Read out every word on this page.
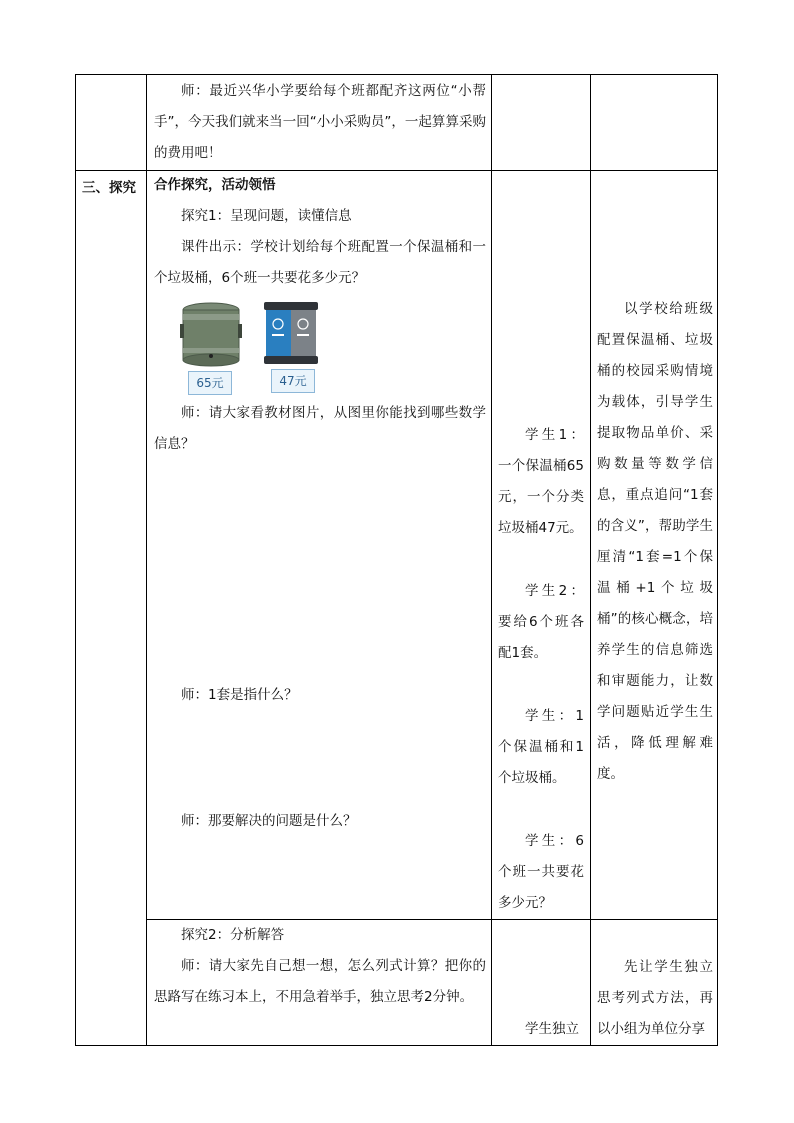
师：最近兴华小学要给每个班都配齐这两位“小帮手”，今天我们就来当一回“小小采购员”，一起算算采购的费用吧！

三、探究 合作探究，活动领悟

探究1：呈现问题，读懂信息

课件出示：学校计划给每个班配置一个保温桶和一个垃圾桶，6个班一共要花多少元？

65元	47元

师：请大家看教材图片，从图里你能找到哪些数学信息？

师：1套是指什么？

师：那要解决的问题是什么？

学生1：一个保温桶65元，一个分类垃圾桶47元。

学生2：要给6个班各配1套。

学生：1个保温桶和1个垃圾桶。

学生：6个班一共要花多少元？

以学校给班级配置保温桶、垃圾桶的校园采购情境为载体，引导学生提取物品单价、采购数量等数学信息，重点追问“1套的含义”，帮助学生厘清“1套=1个保温桶+1个垃圾桶”的核心概念，培养学生的信息筛选和审题能力，让数学问题贴近学生生活，降低理解难度。

探究2：分析解答

师：请大家先自己想一想，怎么列式计算？把你的思路写在练习本上，不用急着举手，独立思考2分钟。

学生独立

先让学生独立思考列式方法，再以小组为单位分享
